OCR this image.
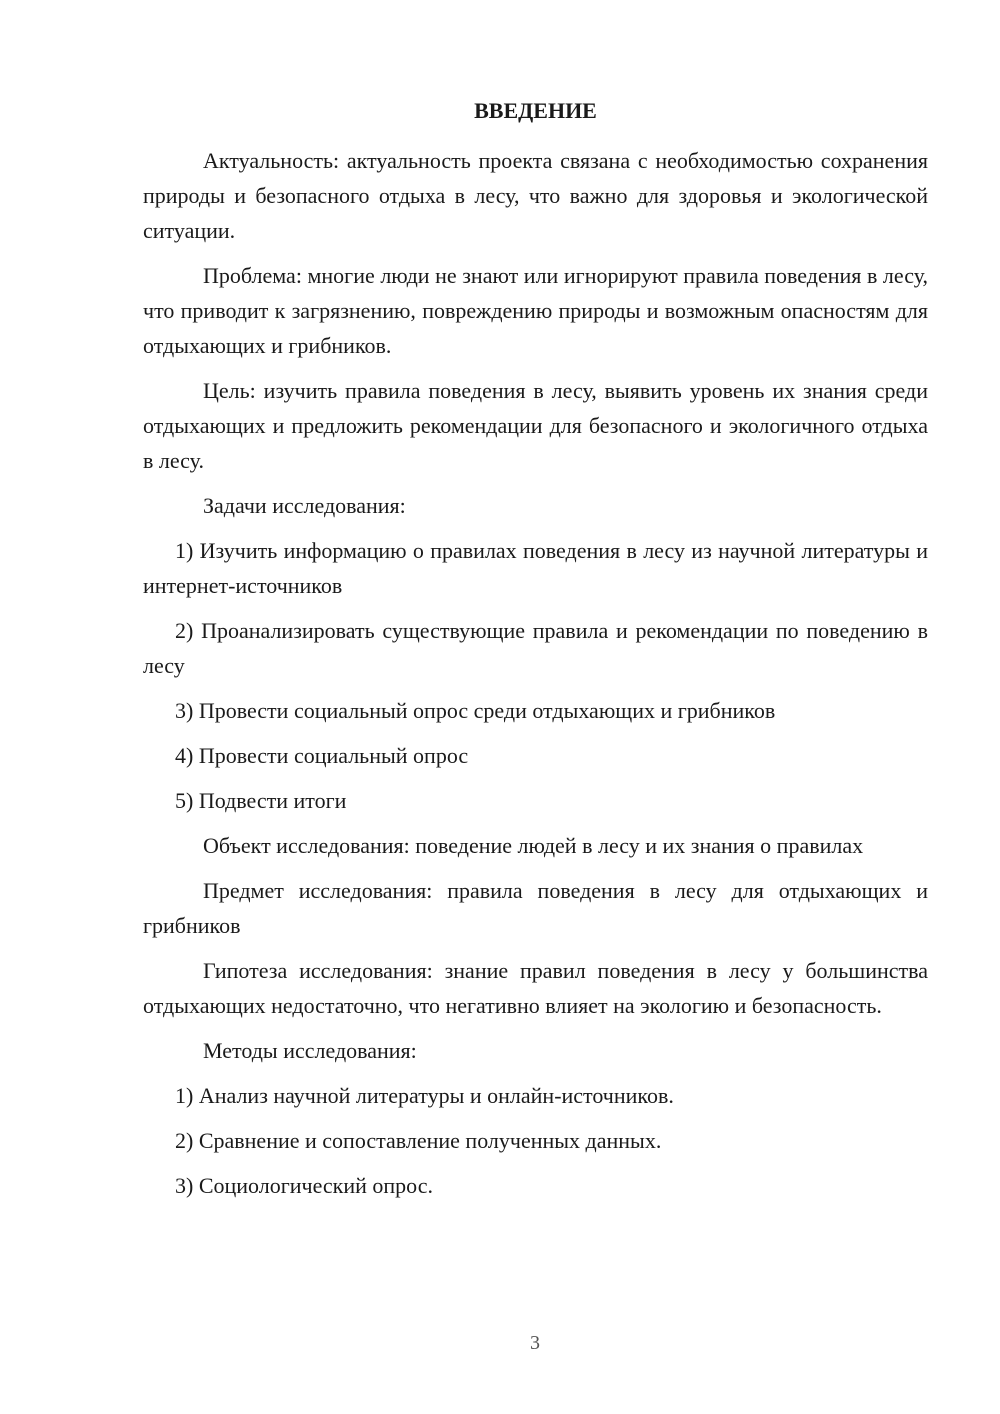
ВВЕДЕНИЕ

Актуальность: актуальность проекта связана с необходимостью сохранения природы и безопасного отдыха в лесу, что важно для здоровья и экологической ситуации.

Проблема: многие люди не знают или игнорируют правила поведения в лесу, что приводит к загрязнению, повреждению природы и возможным опасностям для отдыхающих и грибников.

Цель: изучить правила поведения в лесу, выявить уровень их знания среди отдыхающих и предложить рекомендации для безопасного и экологичного отдыха в лесу.

Задачи исследования:

1) Изучить информацию о правилах поведения в лесу из научной литературы и интернет-источников

2) Проанализировать существующие правила и рекомендации по поведению в лесу

3) Провести социальный опрос среди отдыхающих и грибников

4) Провести социальный опрос

5) Подвести итоги

Объект исследования: поведение людей в лесу и их знания о правилах

Предмет исследования: правила поведения в лесу для отдыхающих и грибников

Гипотеза исследования: знание правил поведения в лесу у большинства отдыхающих недостаточно, что негативно влияет на экологию и безопасность.

Методы исследования:

1) Анализ научной литературы и онлайн-источников.

2) Сравнение и сопоставление полученных данных.

3) Социологический опрос.

3
